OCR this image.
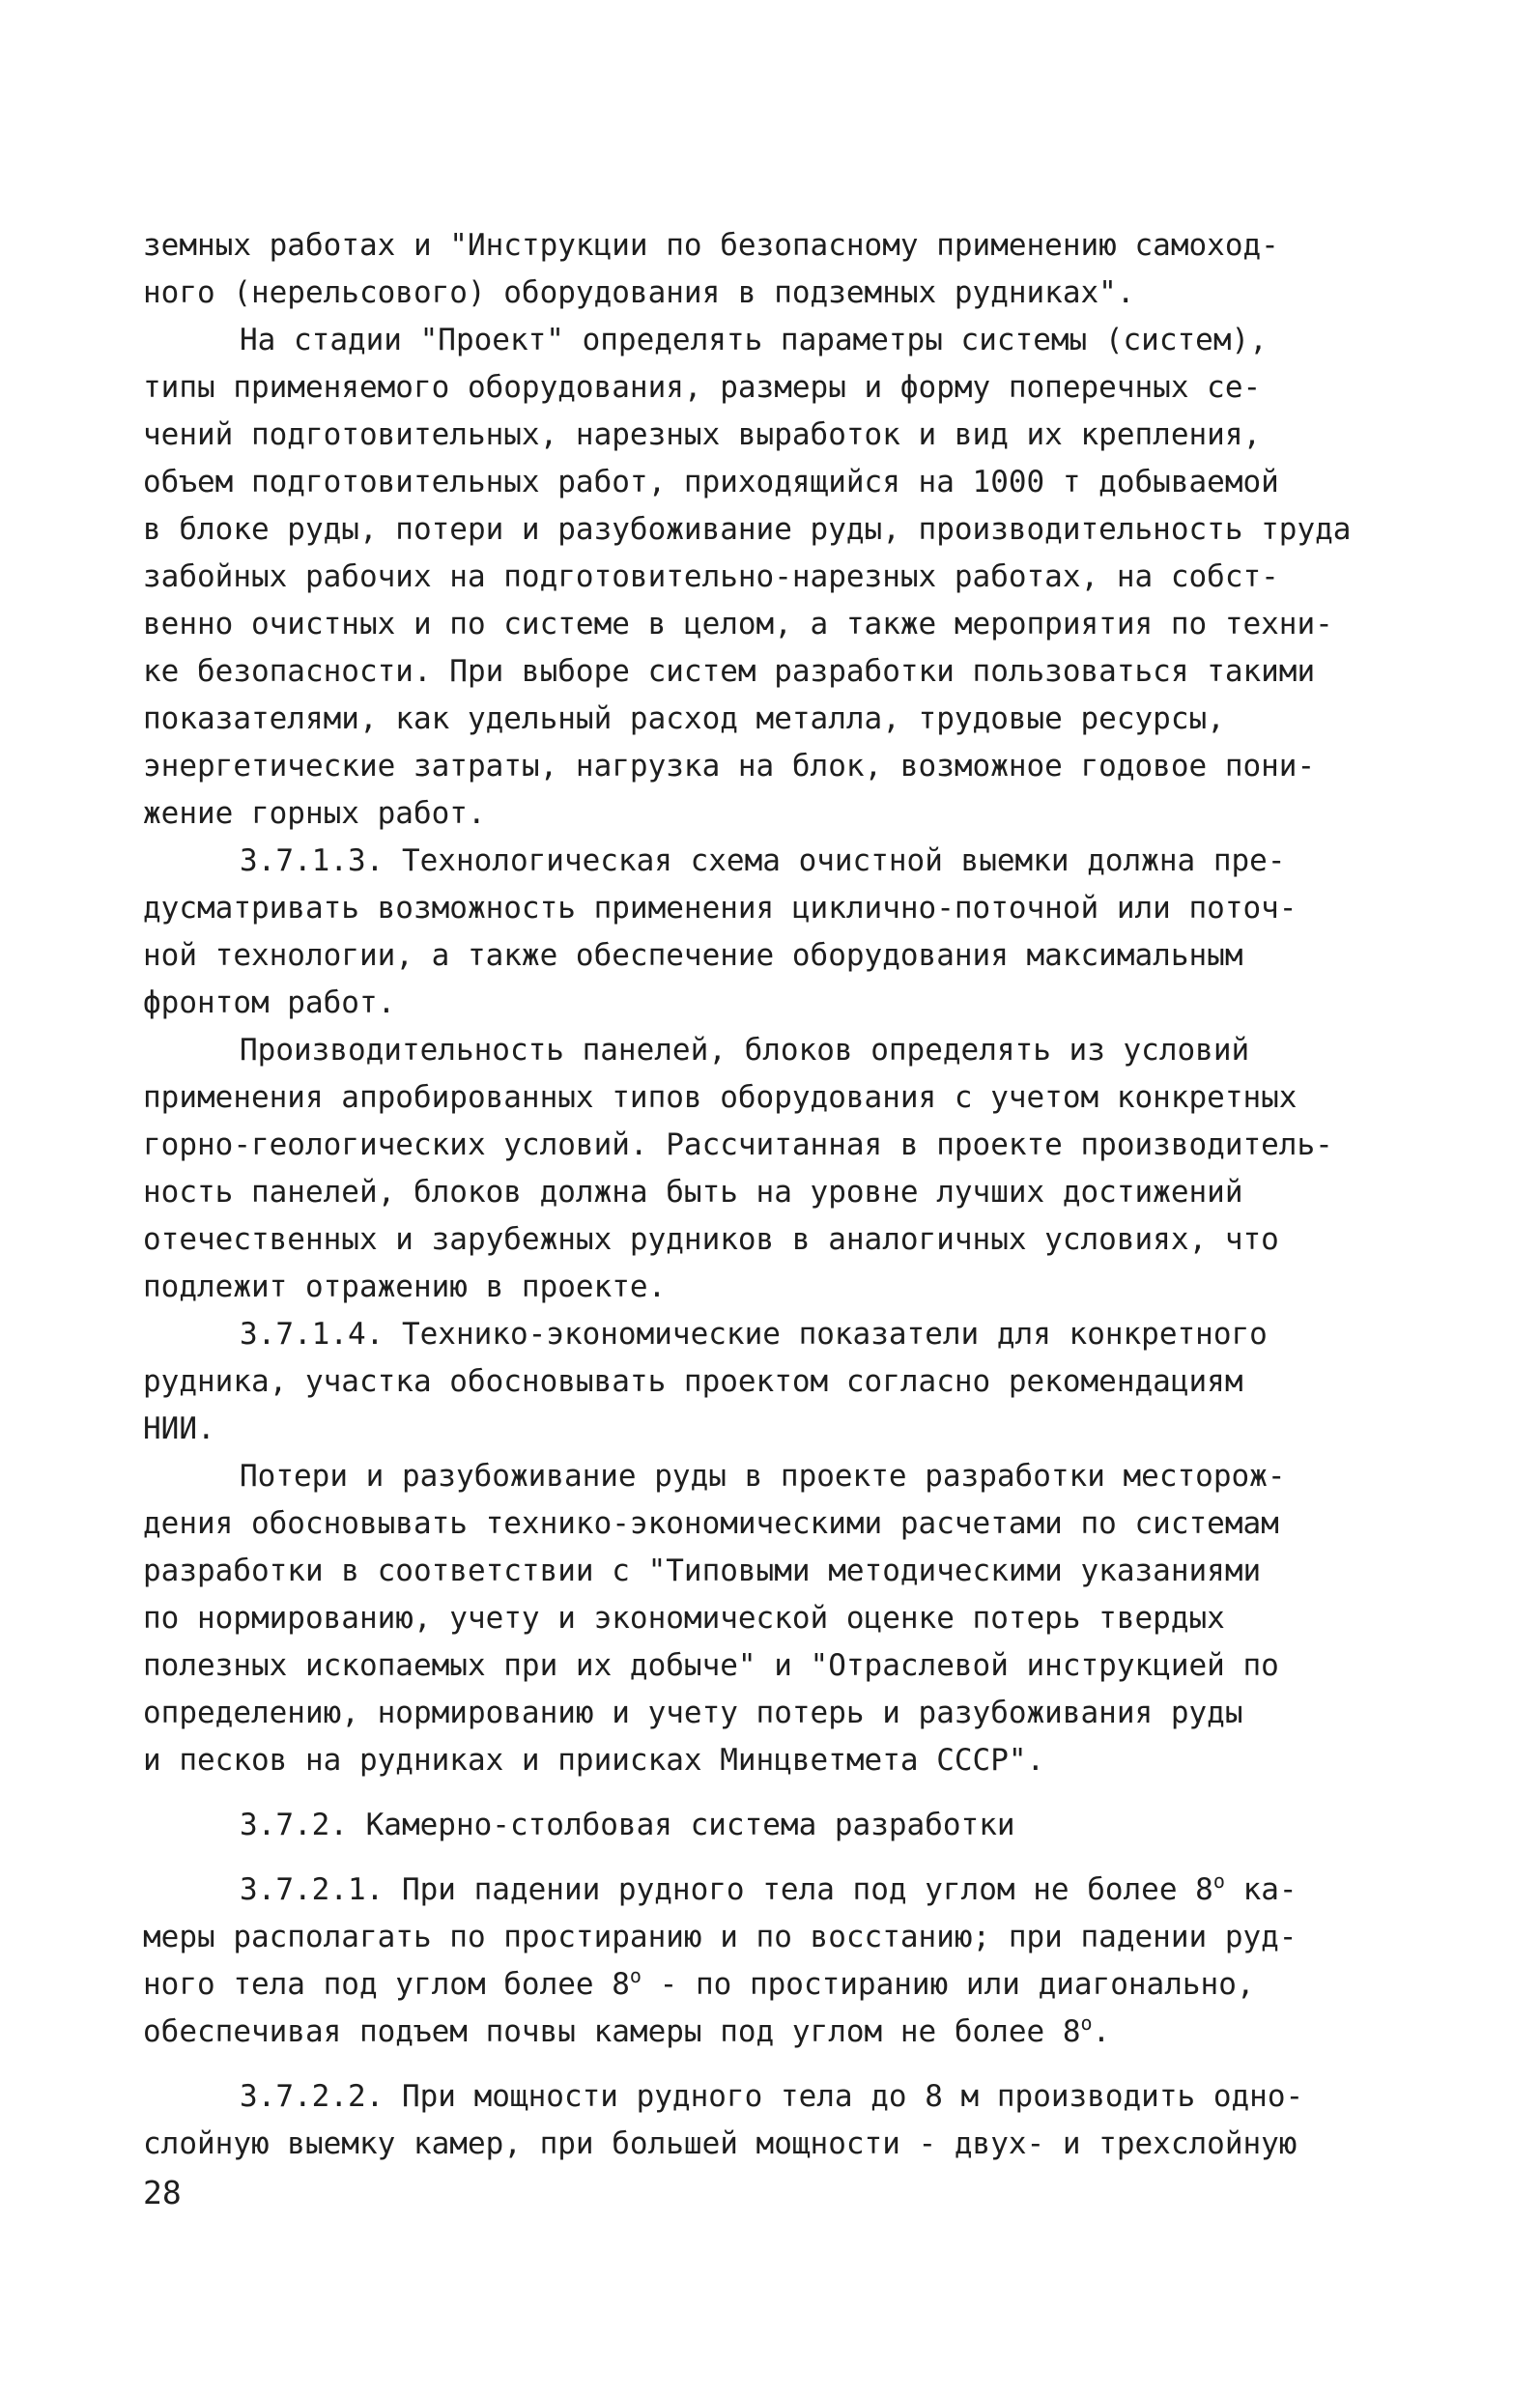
земных работах и "Инструкции по безопасному применению самоход-
ного (нерельсового) оборудования в подземных рудниках".
На стадии "Проект" определять параметры системы (систем),
типы применяемого оборудования, размеры и форму поперечных се-
чений подготовительных, нарезных выработок и вид их крепления,
объем подготовительных работ, приходящийся на 1000 т добываемой
в блоке руды, потери и разубоживание руды, производительность труда
забойных рабочих на подготовительно-нарезных работах, на собст-
венно очистных и по системе в целом, а также мероприятия по техни-
ке безопасности. При выборе систем разработки пользоваться такими
показателями, как удельный расход металла, трудовые ресурсы,
энергетические затраты, нагрузка на блок, возможное годовое пони-
жение горных работ.
3.7.1.3. Технологическая схема очистной выемки должна пре-
дусматривать возможность применения циклично-поточной или поточ-
ной технологии, а также обеспечение оборудования максимальным
фронтом работ.
Производительность панелей, блоков определять из условий
применения апробированных типов оборудования с учетом конкретных
горно-геологических условий. Рассчитанная в проекте производитель-
ность панелей, блоков должна быть на уровне лучших достижений
отечественных и зарубежных рудников в аналогичных условиях, что
подлежит отражению в проекте.
3.7.1.4. Технико-экономические показатели для конкретного
рудника, участка обосновывать проектом согласно рекомендациям
НИИ.
Потери и разубоживание руды в проекте разработки месторож-
дения обосновывать технико-экономическими расчетами по системам
разработки в соответствии с "Типовыми методическими указаниями
по нормированию, учету и экономической оценке потерь твердых
полезных ископаемых при их добыче" и "Отраслевой инструкцией по
определению, нормированию и учету потерь и разубоживания руды
и песков на рудниках и приисках Минцветмета СССР".
3.7.2. Камерно-столбовая система разработки
3.7.2.1. При падении рудного тела под углом не более $8^о$ ка-
меры располагать по простиранию и по восстанию; при падении руд-
ного тела под углом более $8^о$ - по простиранию или диагонально,
обеспечивая подъем почвы камеры под углом не более $8^о$.
3.7.2.2. При мощности рудного тела до 8 м производить одно-
слойную выемку камер, при большей мощности - двух- и трехслойную
28
